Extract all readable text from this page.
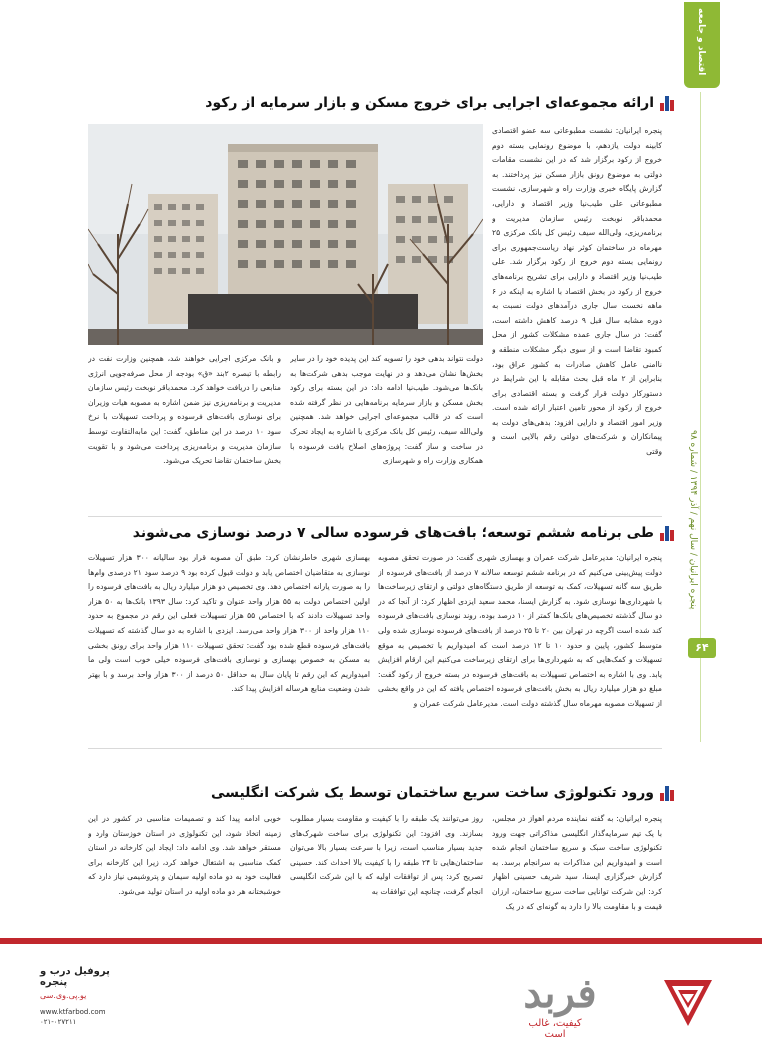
اقتصاد و جامعه
پنجره ایرانیان / سال نهم / آذر ۱۳۹۴ / شماره ۹۸
۶۴
ارائه مجموعه‌ای اجرایی برای خروج مسکن و بازار سرمایه از رکود
پنجره ایرانیان: نشست مطبوعاتی سه عضو اقتصادی کابینه دولت یازدهم، با موضوع رونمایی بسته دوم خروج از رکود برگزار شد که در این نشست مقامات دولتی به موضوع رونق بازار مسکن نیز پرداختند. به گزارش پایگاه خبری وزارت راه و شهرسازی، نشست مطبوعاتی علی طیب‌نیا وزیر اقتصاد و دارایی، محمدباقر نوبخت رئیس سازمان مدیریت و برنامه‌ریزی، ولی‌الله سیف رئیس کل بانک مرکزی ۲۵ مهرماه در ساختمان کوثر نهاد ریاست‌جمهوری برای رونمایی بسته دوم خروج از رکود برگزار شد. علی طیب‌نیا وزیر اقتصاد و دارایی برای تشریح برنامه‌های خروج از رکود در بخش اقتصاد با اشاره به اینکه در ۶ ماهه نخست سال جاری درآمدهای دولت نسبت به دوره مشابه سال قبل ۹ درصد کاهش داشته است، گفت: در سال جاری عمده مشکلات کشور از محل کمبود تقاضا است و از سوی دیگر مشکلات منطقه و ناامنی عامل کاهش صادرات به کشور عراق بود، بنابراین از ۲ ماه قبل بحث مقابله با این شرایط در دستورکار دولت قرار گرفت و بسته اقتصادی برای خروج از رکود از محور تامین اعتبار ارائه شده است. وزیر امور اقتصاد و دارایی افزود: بدهی‌های دولت به پیمانکاران و شرکت‌های دولتی رقم بالایی است و وقتی
دولت نتواند بدهی خود را تسویه کند این پدیده خود را در سایر بخش‌ها نشان می‌دهد و در نهایت موجب بدهی شرکت‌ها به بانک‌ها می‌شود. طیب‌نیا ادامه داد: در این بسته برای رکود بخش مسکن و بازار سرمایه برنامه‌هایی در نظر گرفته شده است که در قالب مجموعه‌ای اجرایی خواهد شد. همچنین ولی‌الله سیف، رئیس کل بانک مرکزی با اشاره به ایجاد تحرک در ساخت و ساز گفت: پروژه‌های اصلاح بافت فرسوده با همکاری وزارت راه و شهرسازی
و بانک مرکزی اجرایی خواهند شد، همچنین وزارت نفت در رابطه با تبصره ۲بند «ق» بودجه از محل صرفه‌جویی انرژی منابعی را دریافت خواهد کرد. محمدباقر نوبخت رئیس سازمان مدیریت و برنامه‌ریزی نیز ضمن اشاره به مصوبه هیات وزیران برای نوسازی بافت‌های فرسوده و پرداخت تسهیلات با نرخ سود ۱۰ درصد در این مناطق، گفت: این مابه‌التفاوت توسط سازمان مدیریت و برنامه‌ریزی پرداخت می‌شود و با تقویت بخش ساختمان تقاضا تحریک می‌شود.
طی برنامه ششم توسعه؛ بافت‌های فرسوده سالی ۷ درصد نوسازی می‌شوند
پنجره ایرانیان: مدیرعامل شرکت عمران و بهسازی شهری گفت: در صورت تحقق مصوبه دولت پیش‌بینی می‌کنیم که در برنامه ششم توسعه سالانه ۷ درصد از بافت‌های فرسوده از طریق سه گانه تسهیلات، کمک به توسعه از طریق دستگاه‌های دولتی و ارتقای زیرساخت‌ها با شهرداری‌ها نوسازی شود. به گزارش ایسنا، محمد سعید ایزدی اظهار کرد: از آنجا که در دو سال گذشته تخصیص‌های بانک‌ها کمتر از ۱۰ درصد بوده، روند نوسازی بافت‌های فرسوده کند شده است اگرچه در تهران بین ۲۰ تا ۲۵ درصد از بافت‌های فرسوده نوسازی شده ولی متوسط کشور، پایین و حدود ۱۰ تا ۱۲ درصد است که امیدواریم با تخصیص به موقع تسهیلات و کمک‌هایی که به شهرداری‌ها برای ارتقای زیرساخت می‌کنیم این ارقام افزایش یابد. وی با اشاره به اختصاص تسهیلات به بافت‌های فرسوده در بسته خروج از رکود گفت: مبلغ دو هزار میلیارد ریال به بخش بافت‌های فرسوده اختصاص یافته که این در واقع بخشی از تسهیلات مصوبه مهرماه سال گذشته دولت است. مدیرعامل شرکت عمران و
بهسازی شهری خاطرنشان کرد: طبق آن مصوبه قرار بود سالیانه ۳۰۰ هزار تسهیلات نوسازی به متقاضیان اختصاص یابد و دولت قبول کرده بود ۹ درصد سود ۲۱ درصدی وام‌ها را به صورت یارانه اختصاص دهد. وی تخصیص دو هزار میلیارد ریال به بافت‌های فرسوده را اولین اختصاص دولت به ۵۵ هزار واحد عنوان و تاکید کرد: سال ۱۳۹۳ بانک‌ها به ۵۰ هزار واحد تسهیلات دادند که با اختصاص ۵۵ هزار تسهیلات فعلی این رقم در مجموع به حدود ۱۱۰ هزار واحد از ۳۰۰ هزار واحد می‌رسد. ایزدی با اشاره به دو سال گذشته که تسهیلات بافت‌های فرسوده قطع شده بود گفت: تحقق تسهیلات ۱۱۰ هزار واحد برای رونق بخشی به مسکن به خصوص بهسازی و نوسازی بافت‌های فرسوده خیلی خوب است ولی ما امیدواریم که این رقم تا پایان سال به حداقل ۵۰ درصد از ۳۰۰ هزار واحد برسد و با بهتر شدن وضعیت منابع هرساله افزایش پیدا کند.
ورود تکنولوژی ساخت سریع ساختمان توسط یک شرکت انگلیسی
پنجره ایرانیان: به گفته نماینده مردم اهواز در مجلس، با یک تیم سرمایه‌گذار انگلیسی مذاکراتی جهت ورود تکنولوژی ساخت سبک و سریع ساختمان انجام شده است و امیدواریم این مذاکرات به سرانجام برسد. به گزارش خبرگزاری ایسنا، سید شریف حسینی اظهار کرد: این شرکت توانایی ساخت سریع ساختمان، ارزان قیمت و با مقاومت بالا را دارد به گونه‌ای که در یک
روز می‌توانند یک طبقه را با کیفیت و مقاومت بسیار مطلوب بسازند. وی افزود: این تکنولوژی برای ساخت شهرک‌های جدید بسیار مناسب است، زیرا با سرعت بسیار بالا می‌توان ساختمان‌هایی تا ۲۴ طبقه را با کیفیت بالا احداث کند. حسینی تصریح کرد: پس از توافقات اولیه که با این شرکت انگلیسی انجام گرفت، چنانچه این توافقات به
خوبی ادامه پیدا کند و تصمیمات مناسبی در کشور در این زمینه اتخاذ شود، این تکنولوژی در استان خوزستان وارد و مستقر خواهد شد. وی ادامه داد: ایجاد این کارخانه در استان کمک مناسبی به اشتغال خواهد کرد، زیرا این کارخانه برای فعالیت خود به دو ماده اولیه سیمان و پتروشیمی نیاز دارد که خوشبختانه هر دو ماده اولیه در استان تولید می‌شود.
پروفیل درب و پنجره
یو.پی.وی.سی
www.ktfarbod.com
۰۲۱-۰۲۷۲۱۱
فربد
کیفیت، غالب است
